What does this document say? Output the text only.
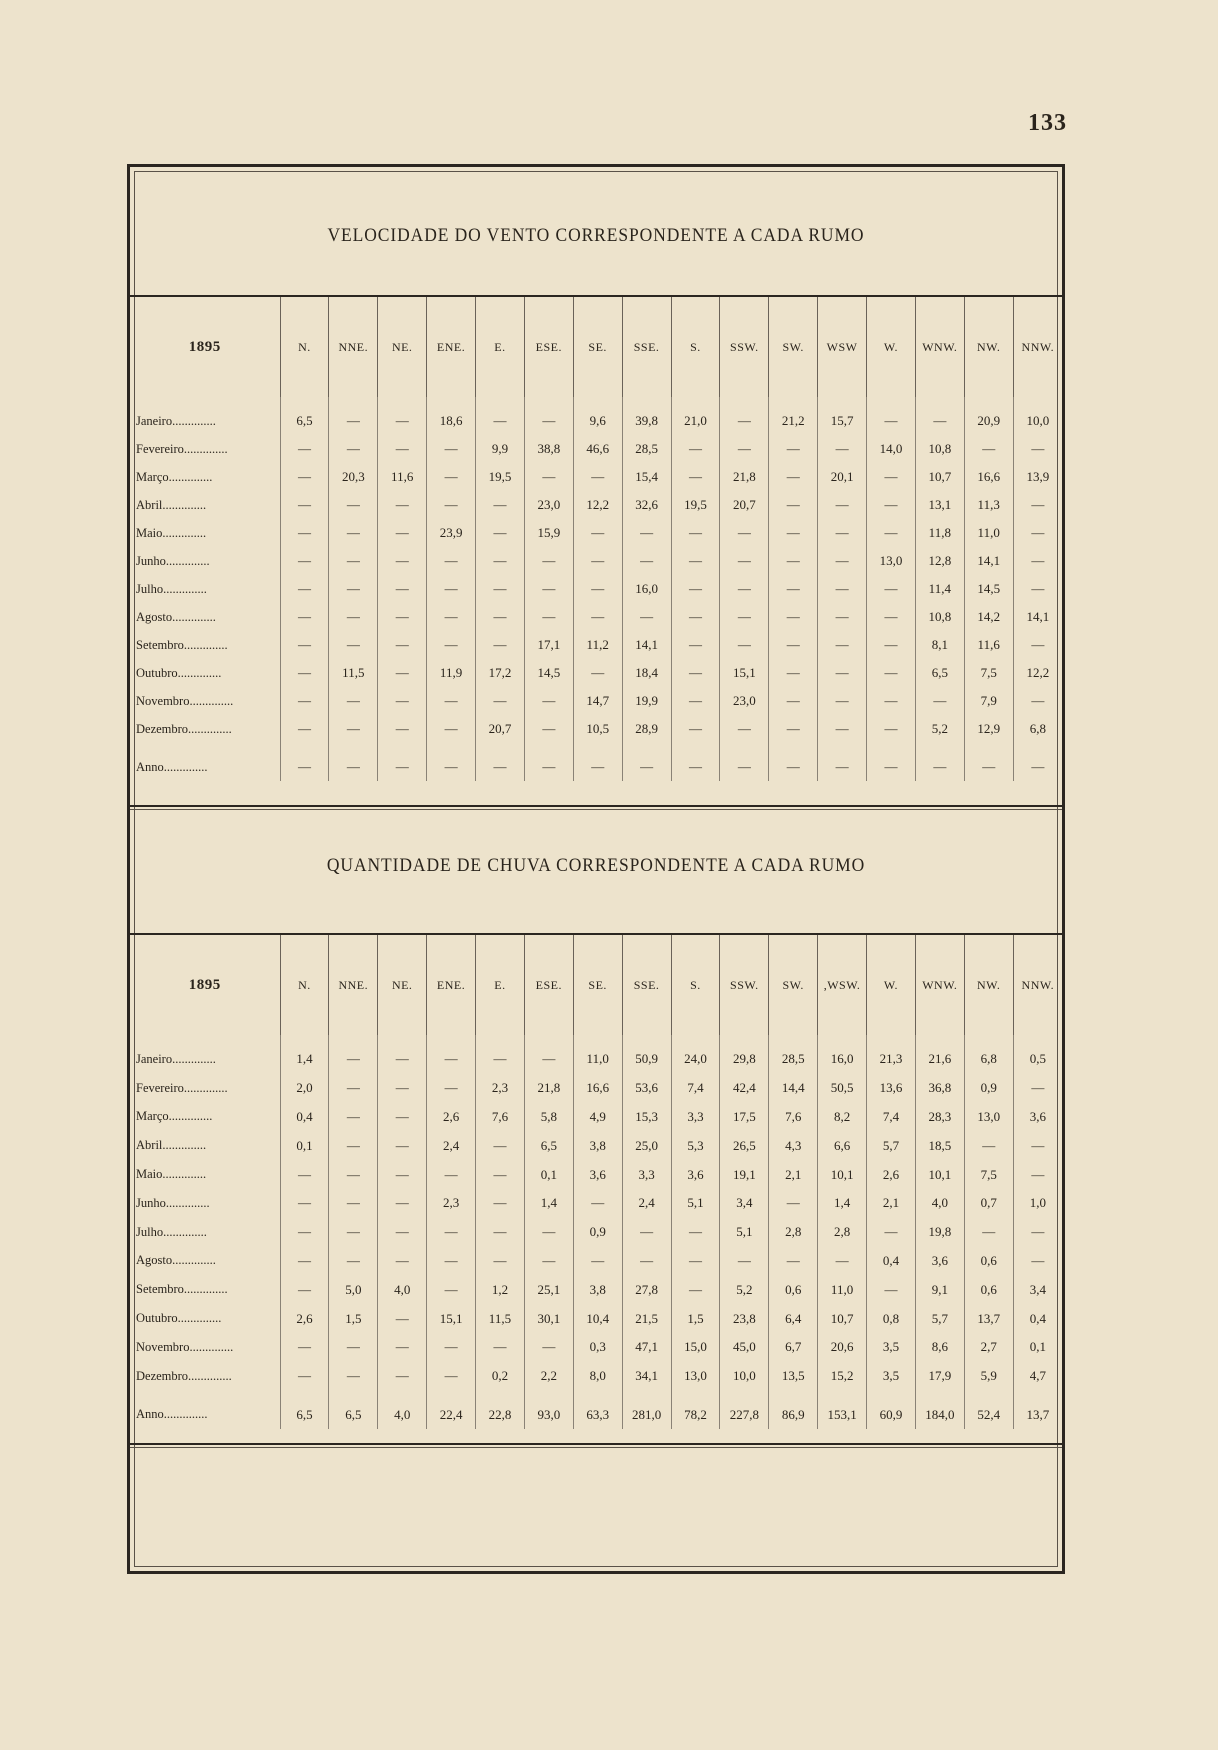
133
VELOCIDADE DO VENTO CORRESPONDENTE A CADA RUMO
1895	N.	NNE.	NE.	ENE.	E.	ESE.	SE.	SSE.	S.	SSW.	SW.	WSW	W.	WNW.	NW.	NNW.

Janeiro..............	6,5	—	—	18,6	—	—	9,6	39,8	21,0	—	21,2	15,7	—	—	20,9	10,0
Fevereiro..............	—	—	—	—	9,9	38,8	46,6	28,5	—	—	—	—	14,0	10,8	—	—
Março..............	—	20,3	11,6	—	19,5	—	—	15,4	—	21,8	—	20,1	—	10,7	16,6	13,9
Abril..............	—	—	—	—	—	23,0	12,2	32,6	19,5	20,7	—	—	—	13,1	11,3	—
Maio..............	—	—	—	23,9	—	15,9	—	—	—	—	—	—	—	11,8	11,0	—
Junho..............	—	—	—	—	—	—	—	—	—	—	—	—	13,0	12,8	14,1	—
Julho..............	—	—	—	—	—	—	—	16,0	—	—	—	—	—	11,4	14,5	—
Agosto..............	—	—	—	—	—	—	—	—	—	—	—	—	—	10,8	14,2	14,1
Setembro..............	—	—	—	—	—	17,1	11,2	14,1	—	—	—	—	—	8,1	11,6	—
Outubro..............	—	11,5	—	11,9	17,2	14,5	—	18,4	—	15,1	—	—	—	6,5	7,5	12,2
Novembro..............	—	—	—	—	—	—	14,7	19,9	—	23,0	—	—	—	—	7,9	—
Dezembro..............	—	—	—	—	20,7	—	10,5	28,9	—	—	—	—	—	5,2	12,9	6,8

Anno..............	—	—	—	—	—	—	—	—	—	—	—	—	—	—	—	—
QUANTIDADE DE CHUVA CORRESPONDENTE A CADA RUMO
1895	N.	NNE.	NE.	ENE.	E.	ESE.	SE.	SSE.	S.	SSW.	SW.	,WSW.	W.	WNW.	NW.	NNW.

Janeiro..............	1,4	—	—	—	—	—	11,0	50,9	24,0	29,8	28,5	16,0	21,3	21,6	6,8	0,5
Fevereiro..............	2,0	—	—	—	2,3	21,8	16,6	53,6	7,4	42,4	14,4	50,5	13,6	36,8	0,9	—
Março..............	0,4	—	—	2,6	7,6	5,8	4,9	15,3	3,3	17,5	7,6	8,2	7,4	28,3	13,0	3,6
Abril..............	0,1	—	—	2,4	—	6,5	3,8	25,0	5,3	26,5	4,3	6,6	5,7	18,5	—	—
Maio..............	—	—	—	—	—	0,1	3,6	3,3	3,6	19,1	2,1	10,1	2,6	10,1	7,5	—
Junho..............	—	—	—	2,3	—	1,4	—	2,4	5,1	3,4	—	1,4	2,1	4,0	0,7	1,0
Julho..............	—	—	—	—	—	—	0,9	—	—	5,1	2,8	2,8	—	19,8	—	—
Agosto..............	—	—	—	—	—	—	—	—	—	—	—	—	0,4	3,6	0,6	—
Setembro..............	—	5,0	4,0	—	1,2	25,1	3,8	27,8	—	5,2	0,6	11,0	—	9,1	0,6	3,4
Outubro..............	2,6	1,5	—	15,1	11,5	30,1	10,4	21,5	1,5	23,8	6,4	10,7	0,8	5,7	13,7	0,4
Novembro..............	—	—	—	—	—	—	0,3	47,1	15,0	45,0	6,7	20,6	3,5	8,6	2,7	0,1
Dezembro..............	—	—	—	—	0,2	2,2	8,0	34,1	13,0	10,0	13,5	15,2	3,5	17,9	5,9	4,7

Anno..............	6,5	6,5	4,0	22,4	22,8	93,0	63,3	281,0	78,2	227,8	86,9	153,1	60,9	184,0	52,4	13,7
